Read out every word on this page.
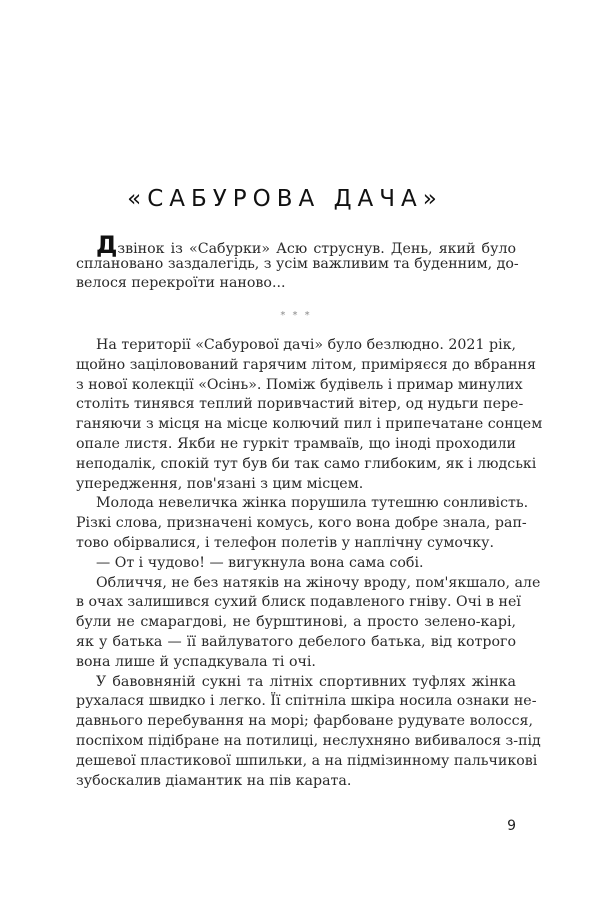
«САБУРОВА ДАЧА»
Дзвінок із «Сабурки» Асю струснув. День, який було
сплановано заздалегідь, з усім важливим та буденним, до-
велося перекроїти наново...
* * *
На території «Сабурової дачі» було безлюдно. 2021 рік,
щойно заціловований гарячим літом, приміряєся до вбрання
з нової колекції «Осінь». Поміж будівель і примар минулих
століть тинявся теплий поривчастий вітер, од нудьги пере-
ганяючи з місця на місце колючий пил і припечатане сонцем
опале листя. Якби не гуркіт трамваїв, що іноді проходили
неподалік, спокій тут був би так само глибоким, як і людські
упередження, пов'язані з цим місцем.
Молода невеличка жінка порушила тутешню сонливість.
Різкі слова, призначені комусь, кого вона добре знала, рап-
тово обірвалися, і телефон полетів у наплічну сумочку.
— От і чудово! — вигукнула вона сама собі.
Обличчя, не без натяків на жіночу вроду, пом'якшало, але
в очах залишився сухий блиск подавленого гніву. Очі в неї
були не смарагдові, не бурштинові, а просто зелено-карі,
як у батька — її вайлуватого дебелого батька, від котрого
вона лише й успадкувала ті очі.
У бавовняній сукні та літніх спортивних туфлях жінка
рухалася швидко і легко. Її спітніла шкіра носила ознаки не-
давнього перебування на морі; фарбоване рудувате волосся,
поспіхом підібране на потилиці, неслухняно вибивалося з-під
дешевої пластикової шпильки, а на підмізинному пальчикові
зубоскалив діамантик на пів карата.
9
